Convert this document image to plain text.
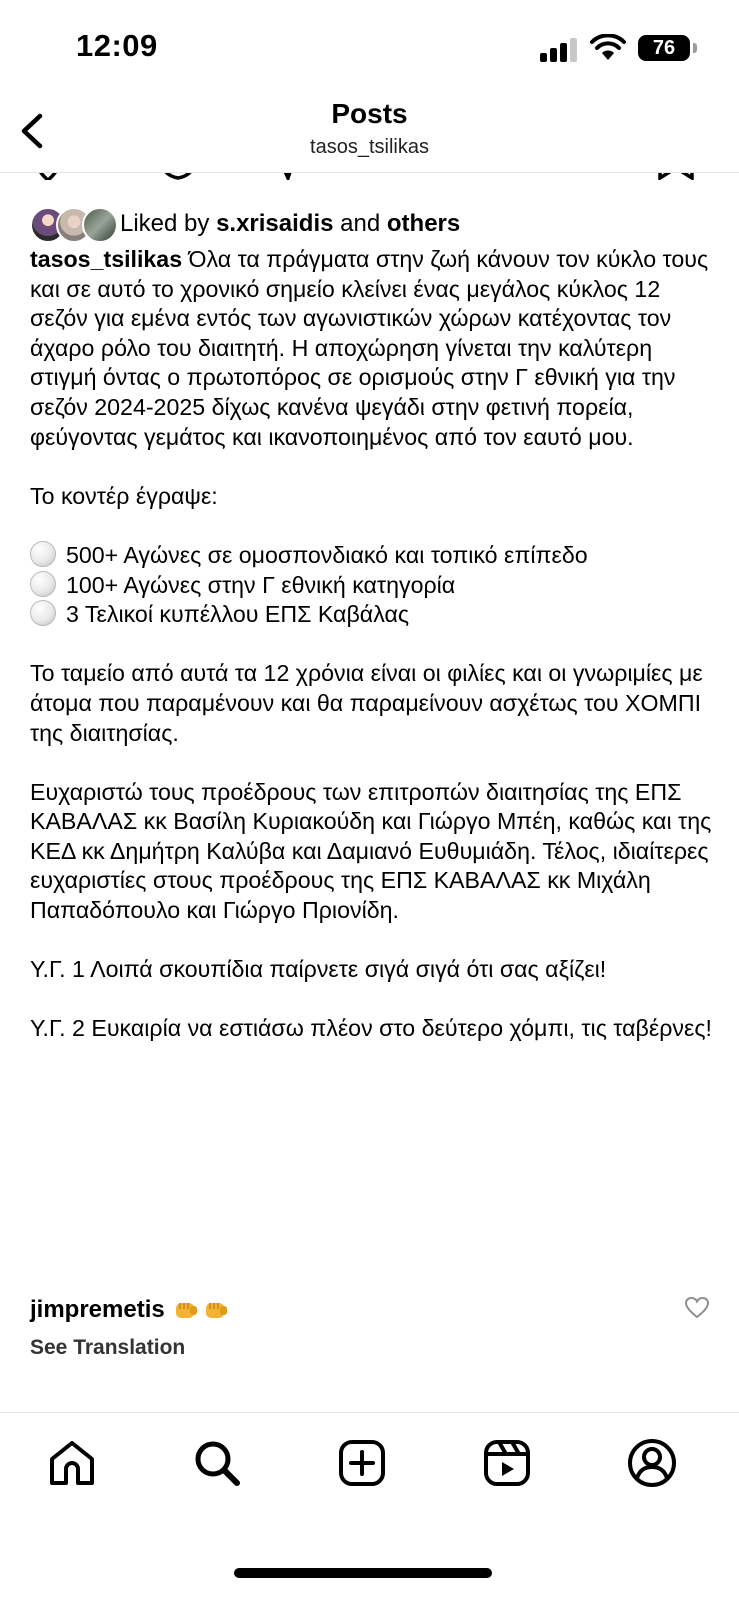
12:09	76
Posts
tasos_tsilikas
Liked by s.xrisaidis and others

tasos_tsilikas Όλα τα πράγματα στην ζωή κάνουν τον κύκλο τους και σε αυτό το χρονικό σημείο κλείνει ένας μεγάλος κύκλος 12 σεζόν για εμένα εντός των αγωνιστικών χώρων κατέχοντας τον άχαρο ρόλο του διαιτητή. Η αποχώρηση γίνεται την καλύτερη στιγμή όντας ο πρωτοπόρος σε ορισμούς στην Γ εθνική για την σεζόν 2024-2025 δίχως κανένα ψεγάδι στην φετινή πορεία, φεύγοντας γεμάτος και ικανοποιημένος από τον εαυτό μου.

Το κοντέρ έγραψε:

500+ Αγώνες σε ομοσπονδιακό και τοπικό επίπεδο

100+ Αγώνες στην Γ εθνική κατηγορία

3 Τελικοί κυπέλλου ΕΠΣ Καβάλας

Το ταμείο από αυτά τα 12 χρόνια είναι οι φιλίες και οι γνωριμίες με άτομα που παραμένουν και θα παραμείνουν ασχέτως του ΧΟΜΠΙ της διαιτησίας.

Ευχαριστώ τους προέδρους των επιτροπών διαιτησίας της ΕΠΣ ΚΑΒΑΛΑΣ κκ Βασίλη Κυριακούδη και Γιώργο Μπέη, καθώς και της ΚΕΔ κκ Δημήτρη Καλύβα και Δαμιανό Ευθυμιάδη. Τέλος, ιδιαίτερες ευχαριστίες στους προέδρους της ΕΠΣ ΚΑΒΑΛΑΣ κκ Μιχάλη Παπαδόπουλο και Γιώργο Πριονίδη.

Υ.Γ. 1 Λοιπά σκουπίδια παίρνετε σιγά σιγά ότι σας αξίζει!

Υ.Γ. 2 Ευκαιρία να εστιάσω πλέον στο δεύτερο χόμπι, τις ταβέρνες!

jimpremetis
See Translation
